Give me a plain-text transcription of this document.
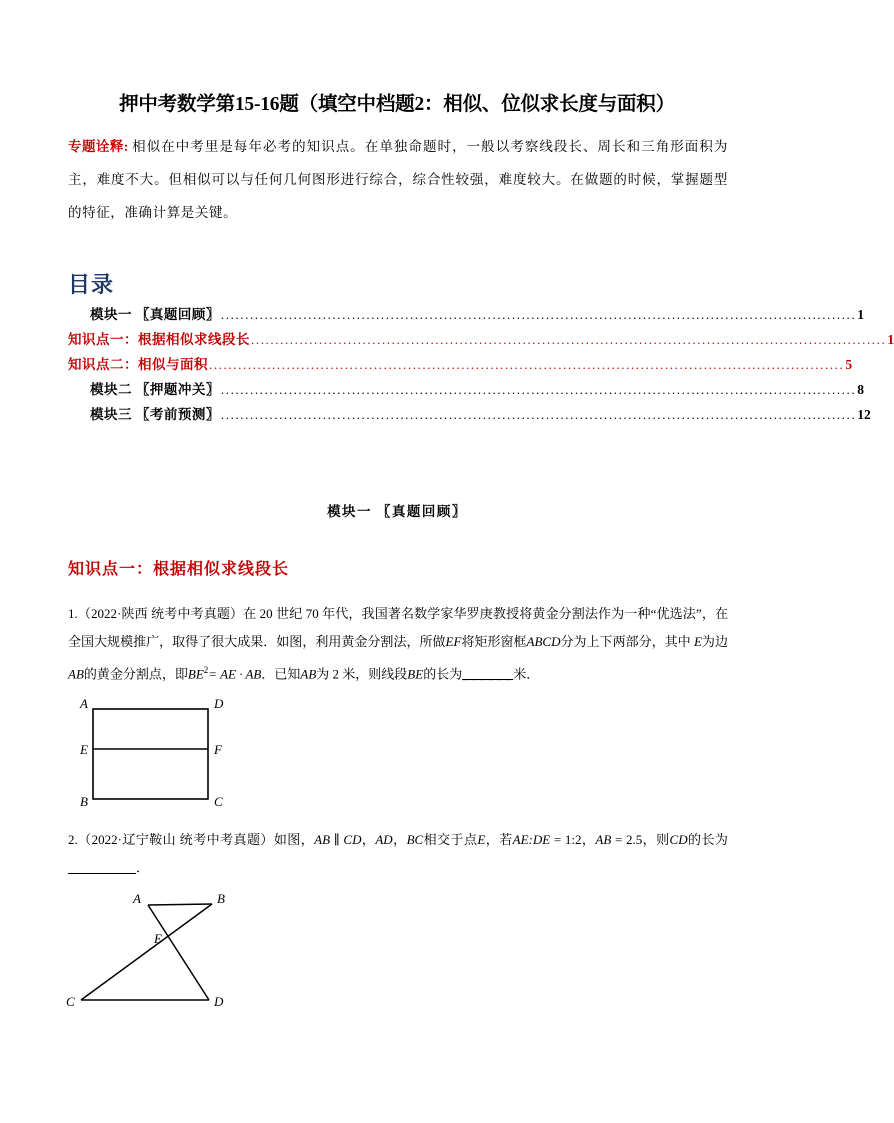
押中考数学第15-16题（填空中档题2：相似、位似求长度与面积）
专题诠释: 相似在中考里是每年必考的知识点。在单独命题时，一般以考察线段长、周长和三角形面积为主，难度不大。但相似可以与任何几何图形进行综合，综合性较强，难度较大。在做题的时候，掌握题型的特征，准确计算是关键。
目录
模块一 〖真题回顾〗 ................................................................................................................................... 1
知识点一：根据相似求线段长 ................................................................................................................................... 1
知识点二：相似与面积 ................................................................................................................................... 5
模块二 〖押题冲关〗 ................................................................................................................................... 8
模块三 〖考前预测〗 ................................................................................................................................... 12
模块一 〖真题回顾〗
知识点一：根据相似求线段长
1.（2022·陕西 统考中考真题）在 20 世纪 70 年代，我国著名数学家华罗庚教授将黄金分割法作为一种“优选法”，在全国大规模推广，取得了很大成果．如图，利用黄金分割法，所做EF将矩形窗框ABCD分为上下两部分，其中 E为边AB的黄金分割点，即$BE^2=$ AE · AB．已知AB为 2 米，则线段BE的长为______米．
A	D
E	F
B	C
2.（2022·辽宁鞍山 统考中考真题）如图，AB ∥ CD，AD，BC相交于点E，若AE:DE = 1:2，AB = 2.5，则CD的长为________．
A	B
E
C	D
